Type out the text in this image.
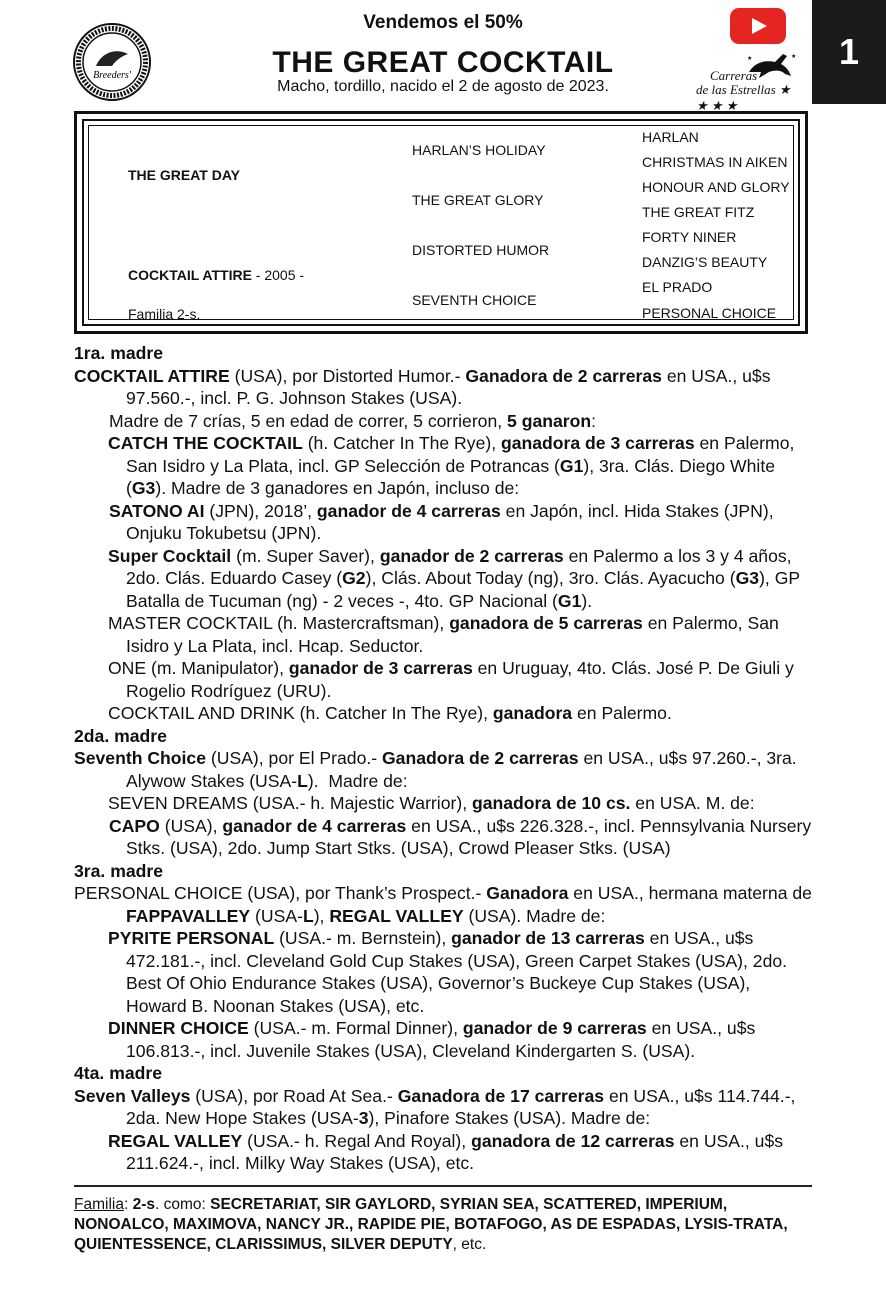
1
Breeders'
★
★
Carreras
de las Estrellas ★ ★ ★ ★
Vendemos el 50%
THE GREAT COCKTAIL
Macho, tordillo, nacido el 2 de agosto de 2023.
THE GREAT DAY
COCKTAIL ATTIRE - 2005 -
Familia 2-s.
HARLAN’S HOLIDAY
THE GREAT GLORY
DISTORTED HUMOR
SEVENTH CHOICE
HARLAN
CHRISTMAS IN AIKEN
HONOUR AND GLORY
THE GREAT FITZ
FORTY NINER
DANZIG’S BEAUTY
EL PRADO
PERSONAL CHOICE
1ra. madre
COCKTAIL ATTIRE (USA), por Distorted Humor.- Ganadora de 2 carreras en USA., u$s 97.560.-, incl. P. G. Johnson Stakes (USA).
Madre de 7 crías, 5 en edad de correr, 5 corrieron, 5 ganaron:
CATCH THE COCKTAIL (h. Catcher In The Rye), ganadora de 3 carreras en Palermo, San Isidro y La Plata, incl. GP Selección de Potrancas (G1), 3ra. Clás. Diego White (G3). Madre de 3 ganadores en Japón, incluso de:
SATONO AI (JPN), 2018’, ganador de 4 carreras en Japón, incl. Hida Stakes (JPN), Onjuku Tokubetsu (JPN).
Super Cocktail (m. Super Saver), ganador de 2 carreras en Palermo a los 3 y 4 años, 2do. Clás. Eduardo Casey (G2), Clás. About Today (ng), 3ro. Clás. Ayacucho (G3), GP Batalla de Tucuman (ng) - 2 veces -, 4to. GP Nacional (G1).
MASTER COCKTAIL (h. Mastercraftsman), ganadora de 5 carreras en Palermo, San Isidro y La Plata, incl. Hcap. Seductor.
ONE (m. Manipulator), ganador de 3 carreras en Uruguay, 4to. Clás. José P. De Giuli y Rogelio Rodríguez (URU).
COCKTAIL AND DRINK (h. Catcher In The Rye), ganadora en Palermo.
2da. madre
Seventh Choice (USA), por El Prado.- Ganadora de 2 carreras en USA., u$s 97.260.-, 3ra. Alywow Stakes (USA-L).  Madre de:
SEVEN DREAMS (USA.- h. Majestic Warrior), ganadora de 10 cs. en USA. M. de:
CAPO (USA), ganador de 4 carreras en USA., u$s 226.328.-, incl. Pennsylvania Nursery Stks. (USA), 2do. Jump Start Stks. (USA), Crowd Pleaser Stks. (USA)
3ra. madre
PERSONAL CHOICE (USA), por Thank’s Prospect.- Ganadora en USA., hermana materna de FAPPAVALLEY (USA-L), REGAL VALLEY (USA). Madre de:
PYRITE PERSONAL (USA.- m. Bernstein), ganador de 13 carreras en USA., u$s 472.181.-, incl. Cleveland Gold Cup Stakes (USA), Green Carpet Stakes (USA), 2do. Best Of Ohio Endurance Stakes (USA), Governor’s Buckeye Cup Stakes (USA), Howard B. Noonan Stakes (USA), etc.
DINNER CHOICE (USA.- m. Formal Dinner), ganador de 9 carreras en USA., u$s 106.813.-, incl. Juvenile Stakes (USA), Cleveland Kindergarten S. (USA).
4ta. madre
Seven Valleys (USA), por Road At Sea.- Ganadora de 17 carreras en USA., u$s 114.744.-, 2da. New Hope Stakes (USA-3), Pinafore Stakes (USA). Madre de:
REGAL VALLEY (USA.- h. Regal And Royal), ganadora de 12 carreras en USA., u$s 211.624.-, incl. Milky Way Stakes (USA), etc.
Familia: 2-s. como: SECRETARIAT, SIR GAYLORD, SYRIAN SEA, SCATTERED, IMPERIUM, NONOALCO, MAXIMOVA, NANCY JR., RAPIDE PIE, BOTAFOGO, AS DE ESPADAS, LYSIS-TRATA, QUIENTESSENCE, CLARISSIMUS, SILVER DEPUTY, etc.
